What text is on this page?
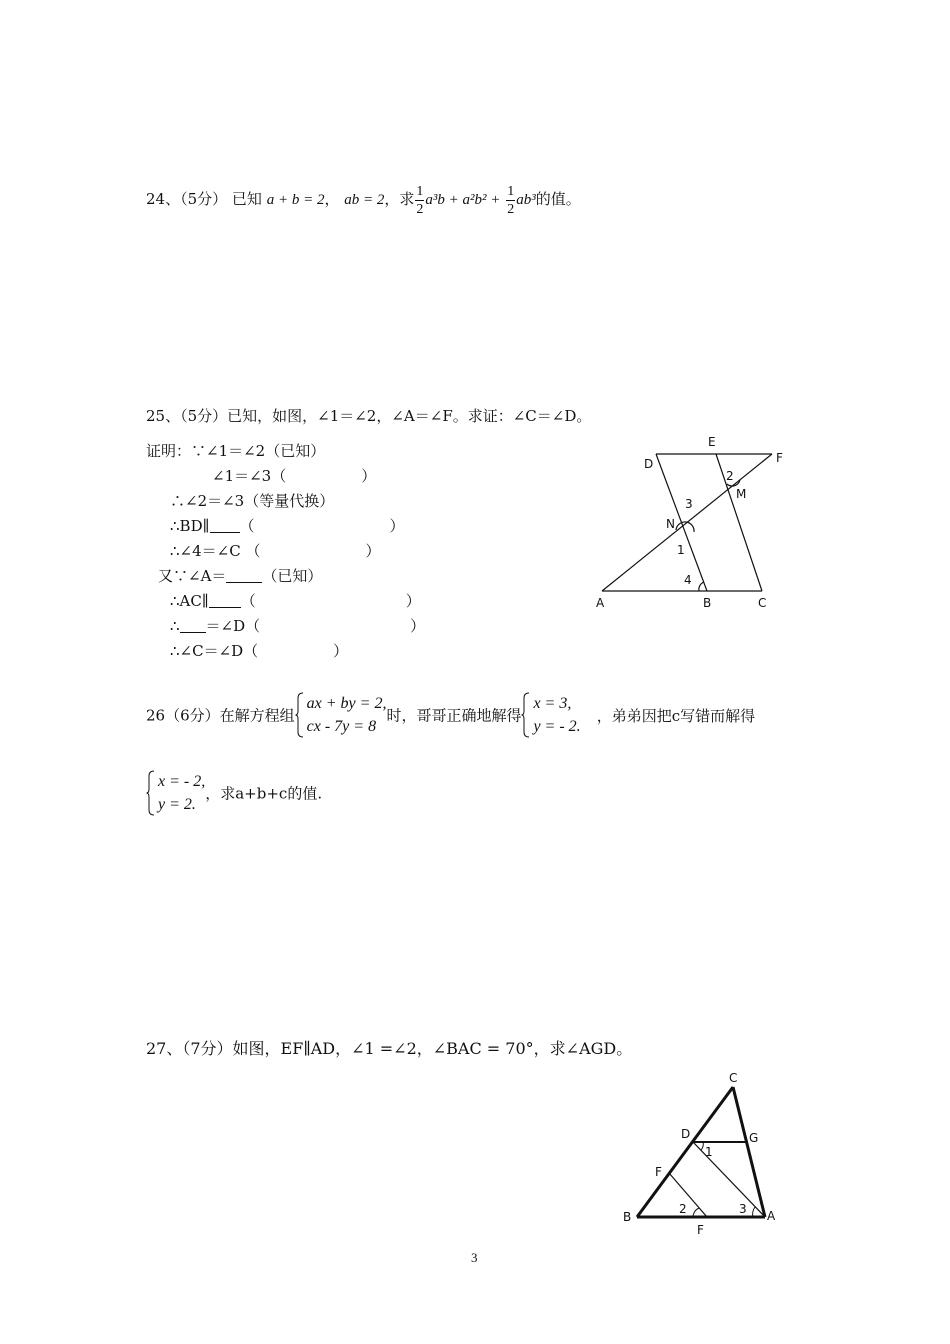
24、（5分） 已知 a + b = 2， ab = 2，求 $\frac{1}{2} a^3b + a^2b^2 + \frac{1}{2} ab^3$的值。
25、（5分）已知，如图，∠1＝∠2，∠A＝∠F。求证：∠C＝∠D。
证明：∵∠1＝∠2（已知）
∠1＝∠3（　　　　　）
∴∠2＝∠3（等量代换）
∴BD∥ （　　　　　　　　　）
∴∠4＝∠C （　　　　　　　）
又∵∠A＝ （已知）
∴AC∥ （　　　　　　　　　　）
∴ ＝∠D（　　　　　　　　　　）
∴∠C＝∠D（　　　　　）
D
E
F
2
M
3
N
1
4
A	B	C
26（6分）在解方程组
ax + by = 2,
cx - 7y = 8
时，哥哥正确地解得
x = 3,
y = - 2.
，弟弟因把c写错而解得
x = - 2,
y = 2.
，求a+b+c的值.
27、（7分）如图，EF∥AD，∠1 =∠2，∠BAC = 70°，求∠AGD。
C
D	G
1
F
B
2	3 A
F
3
